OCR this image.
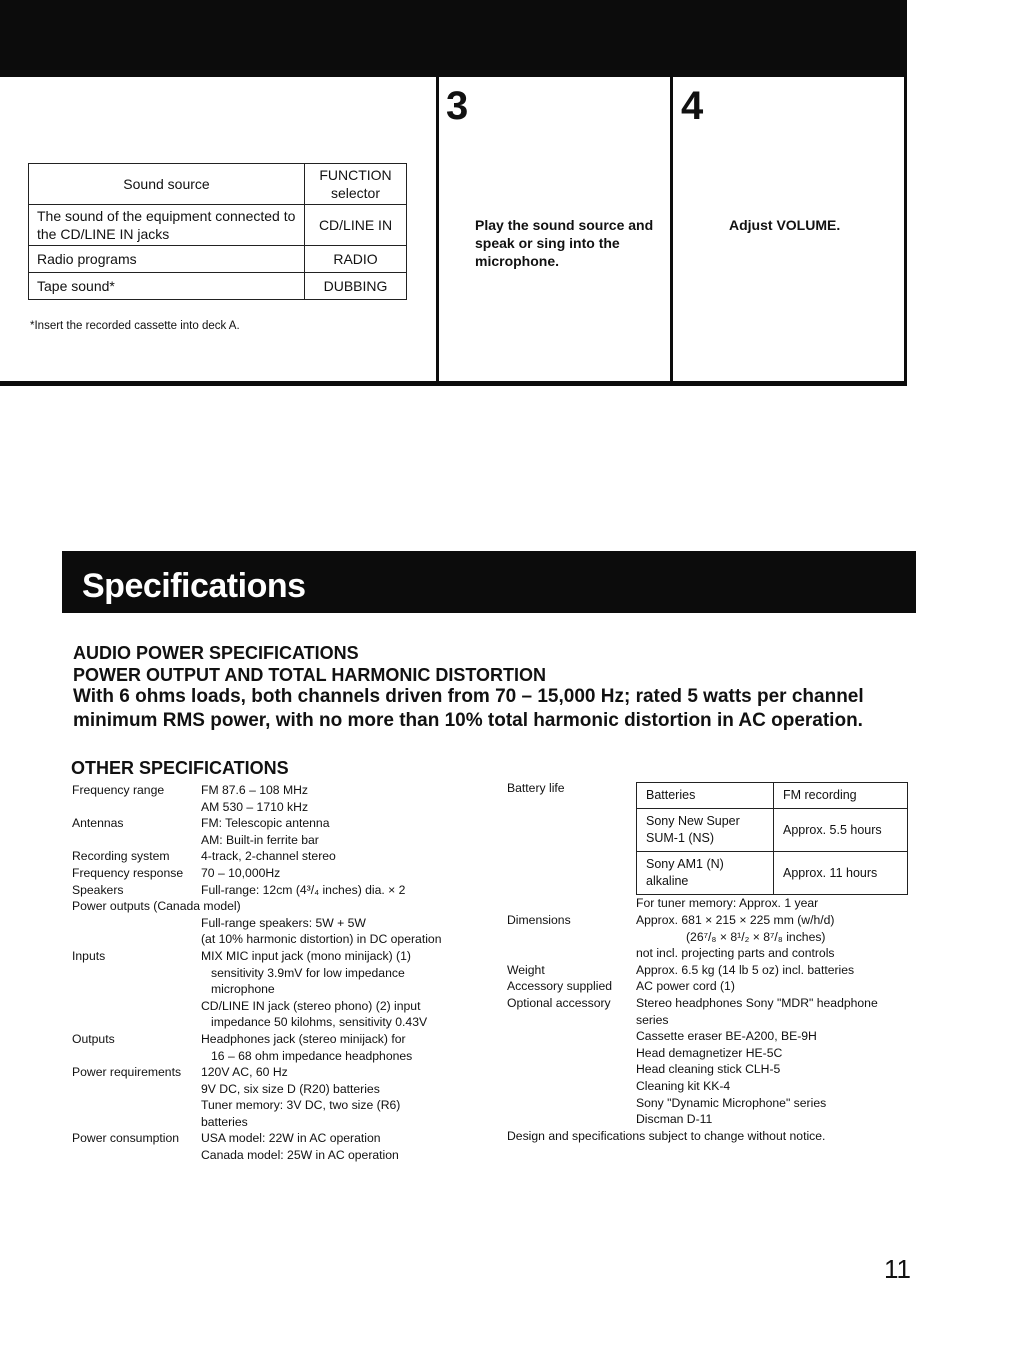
3
Play the sound source and speak or sing into the microphone.
4
Adjust VOLUME.
Sound source	FUNCTION selector
The sound of the equipment connected to the CD/LINE IN jacks	CD/LINE IN
Radio programs	RADIO
Tape sound*	DUBBING
*Insert the recorded cassette into deck A.
Specifications
AUDIO POWER SPECIFICATIONS
POWER OUTPUT AND TOTAL HARMONIC DISTORTION
With 6 ohms loads, both channels driven from 70 – 15,000 Hz; rated 5 watts per channel
minimum RMS power, with no more than 10% total harmonic distortion in AC operation.
OTHER SPECIFICATIONS
Frequency range	FM 87.6 – 108 MHz
AM 530 – 1710 kHz
Antennas	FM: Telescopic antenna
AM: Built-in ferrite bar
Recording system	4-track, 2-channel stereo
Frequency response	70 – 10,000Hz
Speakers	Full-range: 12cm (4³/₄ inches) dia. × 2
Power outputs (Canada model)
Full-range speakers: 5W + 5W
(at 10% harmonic distortion) in DC operation
Inputs	MIX MIC input jack (mono minijack) (1)
sensitivity 3.9mV for low impedance
microphone
CD/LINE IN jack (stereo phono) (2) input
impedance 50 kilohms, sensitivity 0.43V
Outputs	Headphones jack (stereo minijack) for
16 – 68 ohm impedance headphones
Power requirements	120V AC, 60 Hz
9V DC, six size D (R20) batteries
Tuner memory: 3V DC, two size (R6)
batteries
Power consumption	USA model: 22W in AC operation
Canada model: 25W in AC operation
Battery life	Batteries	FM recording
Sony New Super SUM-1 (NS)	Approx. 5.5 hours
Sony AM1 (N) alkaline	Approx. 11 hours
For tuner memory: Approx. 1 year
Dimensions	Approx. 681 × 215 × 225 mm (w/h/d)
(26⁷/₈ × 8¹/₂ × 8⁷/₈ inches)
not incl. projecting parts and controls
Weight	Approx. 6.5 kg (14 lb 5 oz) incl. batteries
Accessory supplied	AC power cord (1)
Optional accessory	Stereo headphones Sony "MDR" headphone
series
Cassette eraser BE-A200, BE-9H
Head demagnetizer HE-5C
Head cleaning stick CLH-5
Cleaning kit KK-4
Sony "Dynamic Microphone" series
Discman D-11
Design and specifications subject to change without notice.
11
